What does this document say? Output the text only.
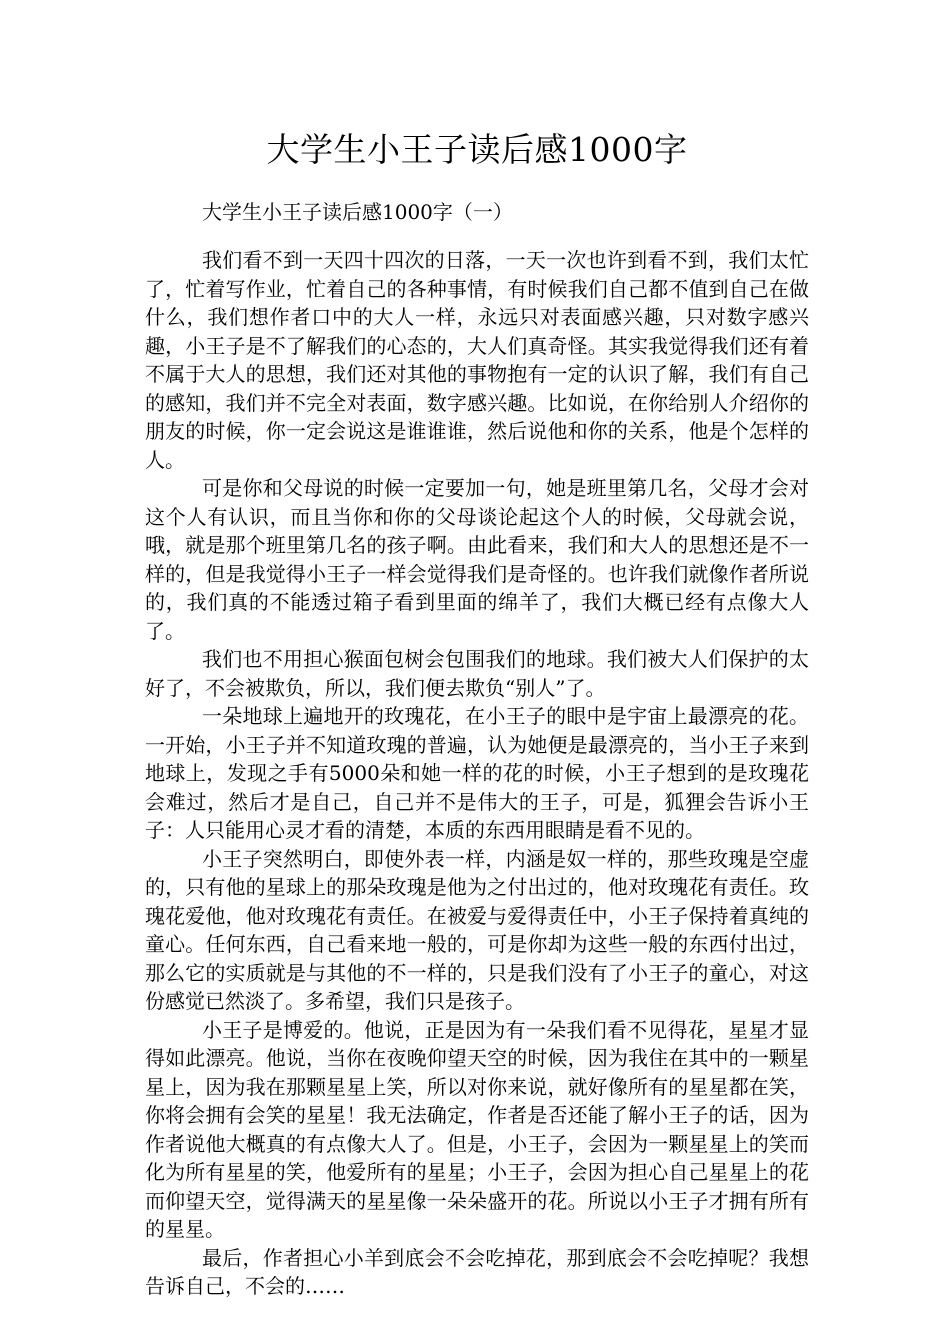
大学生小王子读后感1000字
大学生小王子读后感1000字（一）

我们看不到一天四十四次的日落，一天一次也许到看不到，我们太忙了，忙着写作业，忙着自己的各种事情，有时候我们自己都不值到自己在做什么，我们想作者口中的大人一样，永远只对表面感兴趣，只对数字感兴趣，小王子是不了解我们的心态的，大人们真奇怪。其实我觉得我们还有着不属于大人的思想，我们还对其他的事物抱有一定的认识了解，我们有自己的感知，我们并不完全对表面，数字感兴趣。比如说，在你给别人介绍你的朋友的时候，你一定会说这是谁谁谁，然后说他和你的关系，他是个怎样的人。

可是你和父母说的时候一定要加一句，她是班里第几名，父母才会对这个人有认识，而且当你和你的父母谈论起这个人的时候，父母就会说，哦，就是那个班里第几名的孩子啊。由此看来，我们和大人的思想还是不一样的，但是我觉得小王子一样会觉得我们是奇怪的。也许我们就像作者所说的，我们真的不能透过箱子看到里面的绵羊了，我们大概已经有点像大人了。

我们也不用担心猴面包树会包围我们的地球。我们被大人们保护的太好了，不会被欺负，所以，我们便去欺负“别人”了。

一朵地球上遍地开的玫瑰花，在小王子的眼中是宇宙上最漂亮的花。一开始，小王子并不知道玫瑰的普遍，认为她便是最漂亮的，当小王子来到地球上，发现之手有5000朵和她一样的花的时候，小王子想到的是玫瑰花会难过，然后才是自己，自己并不是伟大的王子，可是，狐狸会告诉小王子：人只能用心灵才看的清楚，本质的东西用眼睛是看不见的。

小王子突然明白，即使外表一样，内涵是奴一样的，那些玫瑰是空虚的，只有他的星球上的那朵玫瑰是他为之付出过的，他对玫瑰花有责任。玫瑰花爱他，他对玫瑰花有责任。在被爱与爱得责任中，小王子保持着真纯的童心。任何东西，自己看来地一般的，可是你却为这些一般的东西付出过，那么它的实质就是与其他的不一样的，只是我们没有了小王子的童心，对这份感觉已然淡了。多希望，我们只是孩子。

小王子是博爱的。他说，正是因为有一朵我们看不见得花，星星才显得如此漂亮。他说，当你在夜晚仰望天空的时候，因为我住在其中的一颗星星上，因为我在那颗星星上笑，所以对你来说，就好像所有的星星都在笑，你将会拥有会笑的星星！我无法确定，作者是否还能了解小王子的话，因为作者说他大概真的有点像大人了。但是，小王子，会因为一颗星星上的笑而化为所有星星的笑，他爱所有的星星；小王子，会因为担心自己星星上的花而仰望天空，觉得满天的星星像一朵朵盛开的花。所说以小王子才拥有所有的星星。

最后，作者担心小羊到底会不会吃掉花，那到底会不会吃掉呢？我想告诉自己，不会的……
